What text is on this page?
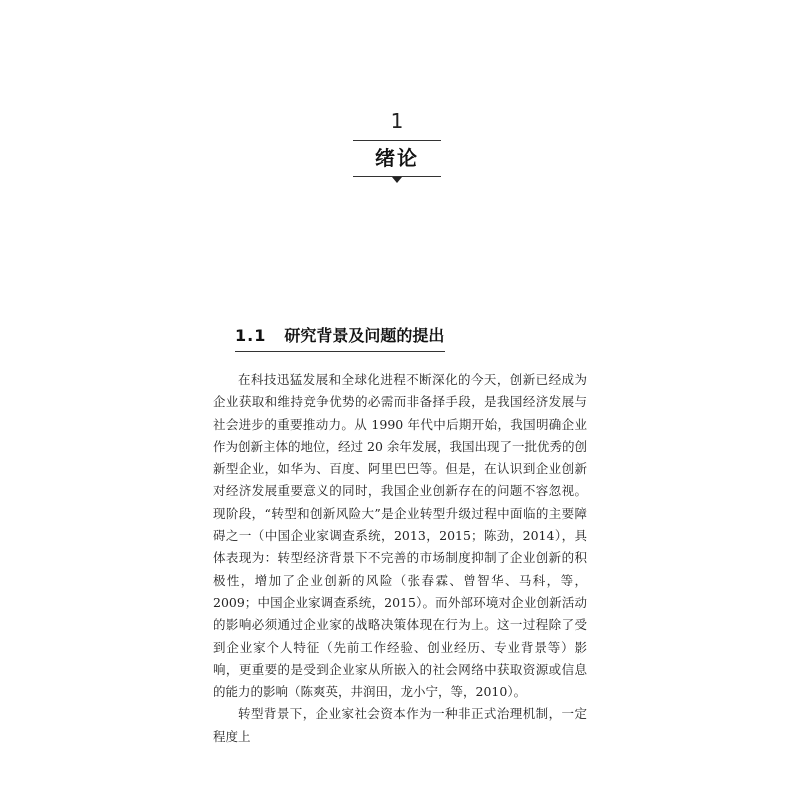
1
绪论
1.1 研究背景及问题的提出

在科技迅猛发展和全球化进程不断深化的今天，创新已经成为企业获取和维持竞争优势的必需而非备择手段，是我国经济发展与社会进步的重要推动力。从 1990 年代中后期开始，我国明确企业作为创新主体的地位，经过 20 余年发展，我国出现了一批优秀的创新型企业，如华为、百度、阿里巴巴等。但是，在认识到企业创新对经济发展重要意义的同时，我国企业创新存在的问题不容忽视。现阶段，“转型和创新风险大”是企业转型升级过程中面临的主要障碍之一（中国企业家调查系统，2013，2015；陈劲，2014），具体表现为：转型经济背景下不完善的市场制度抑制了企业创新的积极性，增加了企业创新的风险（张春霖、曾智华、马科，等，2009；中国企业家调查系统，2015）。而外部环境对企业创新活动的影响必须通过企业家的战略决策体现在行为上。这一过程除了受到企业家个人特征（先前工作经验、创业经历、专业背景等）影响，更重要的是受到企业家从所嵌入的社会网络中获取资源或信息的能力的影响（陈爽英，井润田，龙小宁，等，2010）。

转型背景下，企业家社会资本作为一种非正式治理机制，一定程度上
